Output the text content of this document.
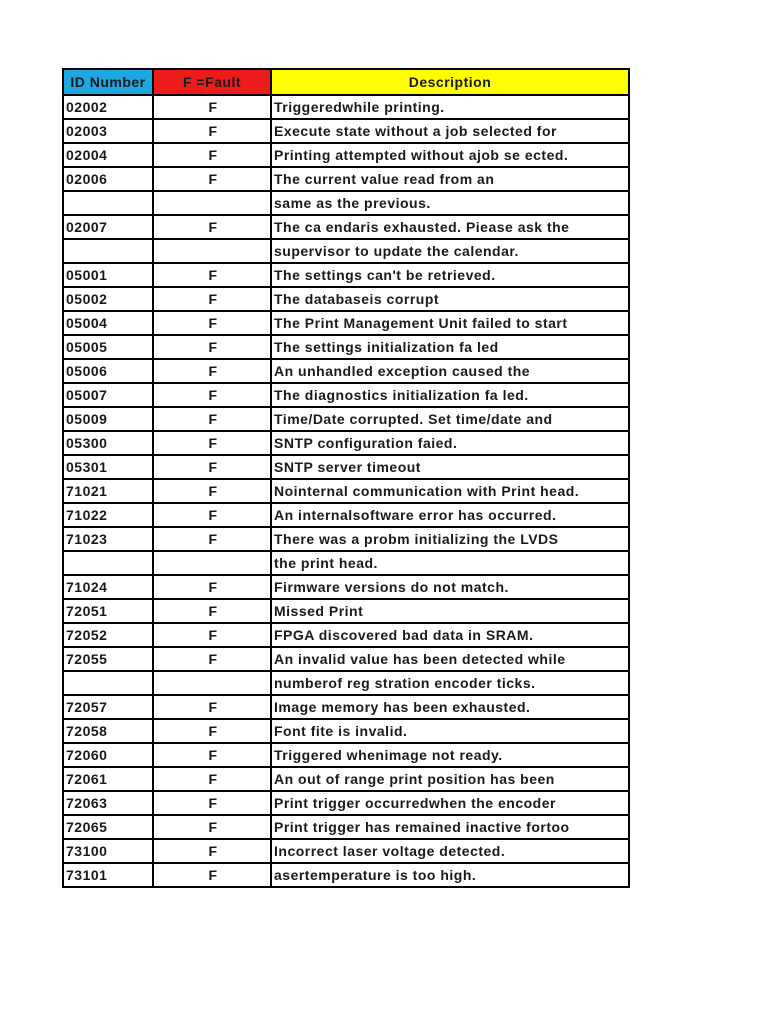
ID Number	F =Fault	Description
02002	F	Triggeredwhile printing.
02003	F	Execute state without a job selected for
02004	F	Printing attempted without ajob se ected.
02006	F	The current value read from an
		same as the previous.
02007	F	The ca endaris exhausted. Piease ask the
		supervisor to update the calendar.
05001	F	The settings can't be retrieved.
05002	F	The databaseis corrupt
05004	F	The Print Management Unit failed to start
05005	F	The settings initialization fa led
05006	F	An unhandled exception caused the
05007	F	The diagnostics initialization fa led.
05009	F	Time/Date corrupted. Set time/date and
05300	F	SNTP configuration faied.
05301	F	SNTP server timeout
71021	F	Nointernal communication with Print head.
71022	F	An internalsoftware error has occurred.
71023	F	There was a probm initializing the LVDS
		the print head.
71024	F	Firmware versions do not match.
72051	F	Missed Print
72052	F	FPGA discovered bad data in SRAM.
72055	F	An invalid value has been detected while
		numberof reg stration encoder ticks.
72057	F	Image memory has been exhausted.
72058	F	Font fite is invalid.
72060	F	Triggered whenimage not ready.
72061	F	An out of range print position has been
72063	F	Print trigger occurredwhen the encoder
72065	F	Print trigger has remained inactive fortoo
73100	F	Incorrect laser voltage detected.
73101	F	asertemperature is too high.
